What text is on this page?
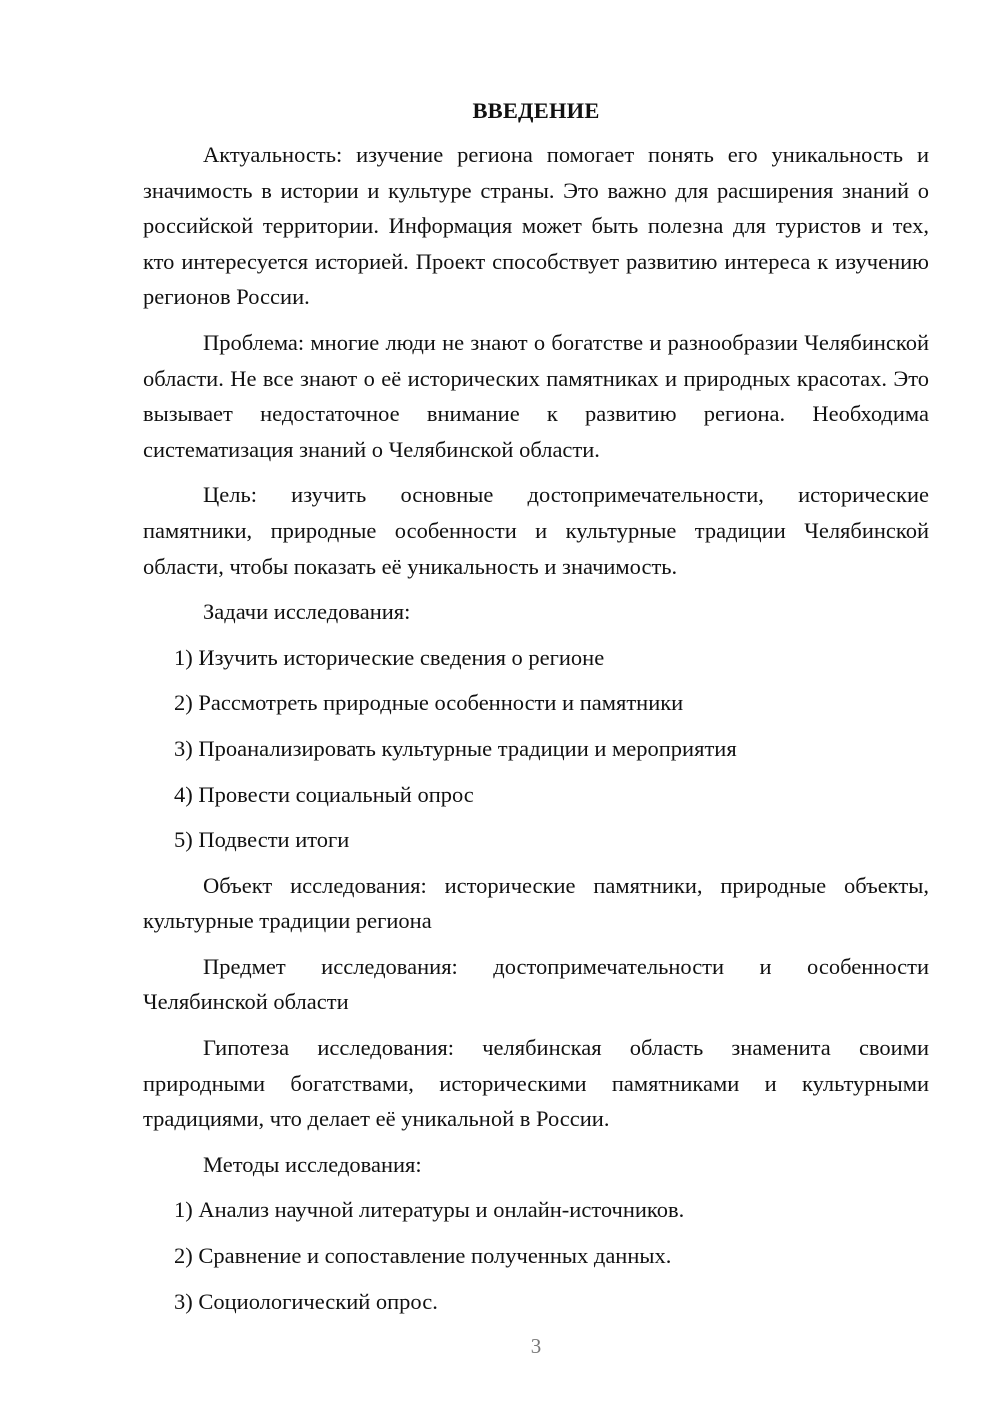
ВВЕДЕНИЕ

Актуальность: изучение региона помогает понять его уникальность и значимость в истории и культуре страны. Это важно для расширения знаний о российской территории. Информация может быть полезна для туристов и тех, кто интересуется историей. Проект способствует развитию интереса к изучению регионов России.

Проблема: многие люди не знают о богатстве и разнообразии Челябинской области. Не все знают о её исторических памятниках и природных красотах. Это вызывает недостаточное внимание к развитию региона. Необходима систематизация знаний о Челябинской области.

Цель: изучить основные достопримечательности, исторические памятники, природные особенности и культурные традиции Челябинской области, чтобы показать её уникальность и значимость.

Задачи исследования:

1) Изучить исторические сведения о регионе
2) Рассмотреть природные особенности и памятники
3) Проанализировать культурные традиции и мероприятия
4) Провести социальный опрос
5) Подвести итоги

Объект исследования: исторические памятники, природные объекты, культурные традиции региона

Предмет исследования: достопримечательности и особенности Челябинской области

Гипотеза исследования: челябинская область знаменита своими природными богатствами, историческими памятниками и культурными традициями, что делает её уникальной в России.

Методы исследования:

1) Анализ научной литературы и онлайн-источников.
2) Сравнение и сопоставление полученных данных.
3) Социологический опрос.
3
